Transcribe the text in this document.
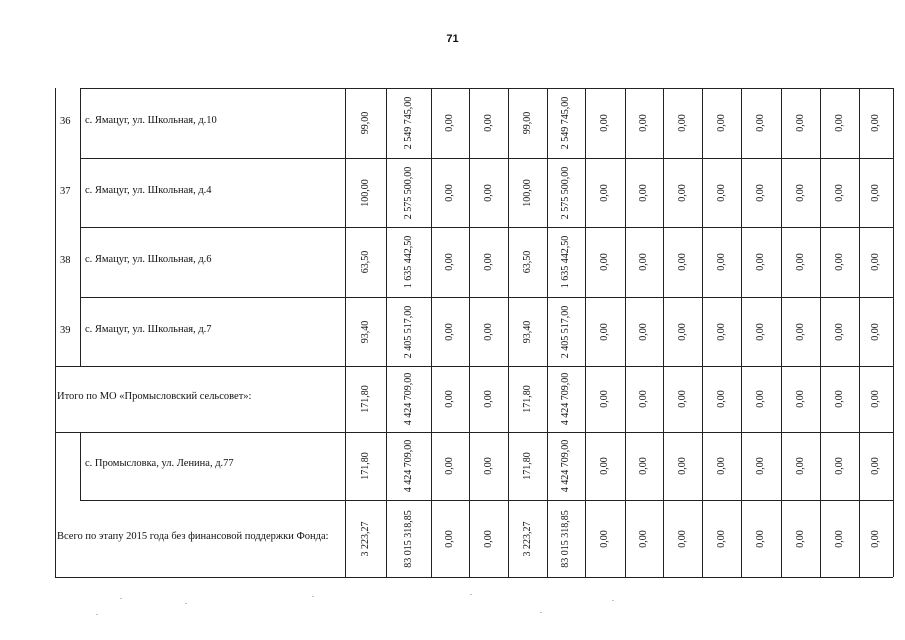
71
36 с. Ямацуг, ул. Школьная, д.10	99,00	2 549 745,00	0,00	0,00	99,00	2 549 745,00	0,00	0,00	0,00	0,00	0,00	0,00	0,00	0,00
37 с. Ямацуг, ул. Школьная, д.4	100,00	2 575 500,00	0,00	0,00	100,00	2 575 500,00	0,00	0,00	0,00	0,00	0,00	0,00	0,00	0,00
38 с. Ямацуг, ул. Школьная, д.6	63,50	1 635 442,50	0,00	0,00	63,50	1 635 442,50	0,00	0,00	0,00	0,00	0,00	0,00	0,00	0,00
39 с. Ямацуг, ул. Школьная, д.7	93,40	2 405 517,00	0,00	0,00	93,40	2 405 517,00	0,00	0,00	0,00	0,00	0,00	0,00	0,00	0,00
Итого по МО «Промысловский сельсовет»:	171,80	4 424 709,00	0,00	0,00	171,80	4 424 709,00	0,00	0,00	0,00	0,00	0,00	0,00	0,00	0,00
с. Промысловка, ул. Ленина, д.77	171,80	4 424 709,00	0,00	0,00	171,80	4 424 709,00	0,00	0,00	0,00	0,00	0,00	0,00	0,00	0,00
Всего по этапу 2015 года без финансовой поддержки Фонда:	3 223,27	83 015 318,85	0,00	0,00	3 223,27	83 015 318,85	0,00	0,00	0,00	0,00	0,00	0,00	0,00	0,00
